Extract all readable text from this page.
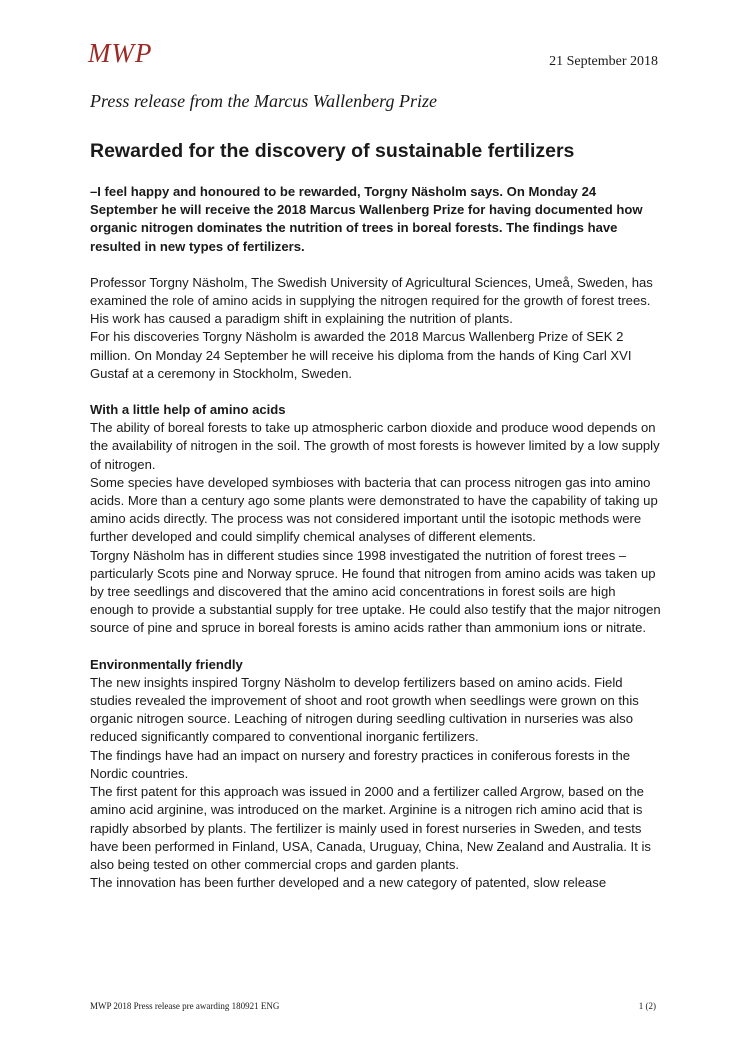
MWP	21 September 2018
Press release from the Marcus Wallenberg Prize
Rewarded for the discovery of sustainable fertilizers

–I feel happy and honoured to be rewarded, Torgny Näsholm says. On Monday 24 September he will receive the 2018 Marcus Wallenberg Prize for having documented how organic nitrogen dominates the nutrition of trees in boreal forests. The findings have resulted in new types of fertilizers.

Professor Torgny Näsholm, The Swedish University of Agricultural Sciences, Umeå, Sweden, has examined the role of amino acids in supplying the nitrogen required for the growth of forest trees. His work has caused a paradigm shift in explaining the nutrition of plants.

For his discoveries Torgny Näsholm is awarded the 2018 Marcus Wallenberg Prize of SEK 2 million. On Monday 24 September he will receive his diploma from the hands of King Carl XVI Gustaf at a ceremony in Stockholm, Sweden.

With a little help of amino acids

The ability of boreal forests to take up atmospheric carbon dioxide and produce wood depends on the availability of nitrogen in the soil. The growth of most forests is however limited by a low supply of nitrogen.

Some species have developed symbioses with bacteria that can process nitrogen gas into amino acids. More than a century ago some plants were demonstrated to have the capability of taking up amino acids directly. The process was not considered important until the isotopic methods were further developed and could simplify chemical analyses of different elements.

Torgny Näsholm has in different studies since 1998 investigated the nutrition of forest trees – particularly Scots pine and Norway spruce. He found that nitrogen from amino acids was taken up by tree seedlings and discovered that the amino acid concentrations in forest soils are high enough to provide a substantial supply for tree uptake. He could also testify that the major nitrogen source of pine and spruce in boreal forests is amino acids rather than ammonium ions or nitrate.

Environmentally friendly

The new insights inspired Torgny Näsholm to develop fertilizers based on amino acids. Field studies revealed the improvement of shoot and root growth when seedlings were grown on this organic nitrogen source. Leaching of nitrogen during seedling cultivation in nurseries was also reduced significantly compared to conventional inorganic fertilizers.

The findings have had an impact on nursery and forestry practices in coniferous forests in the Nordic countries.

The first patent for this approach was issued in 2000 and a fertilizer called Argrow, based on the amino acid arginine, was introduced on the market. Arginine is a nitrogen rich amino acid that is rapidly absorbed by plants. The fertilizer is mainly used in forest nurseries in Sweden, and tests have been performed in Finland, USA, Canada, Uruguay, China, New Zealand and Australia. It is also being tested on other commercial crops and garden plants.

The innovation has been further developed and a new category of patented, slow release

MWP 2018 Press release pre awarding 180921 ENG	1 (2)
